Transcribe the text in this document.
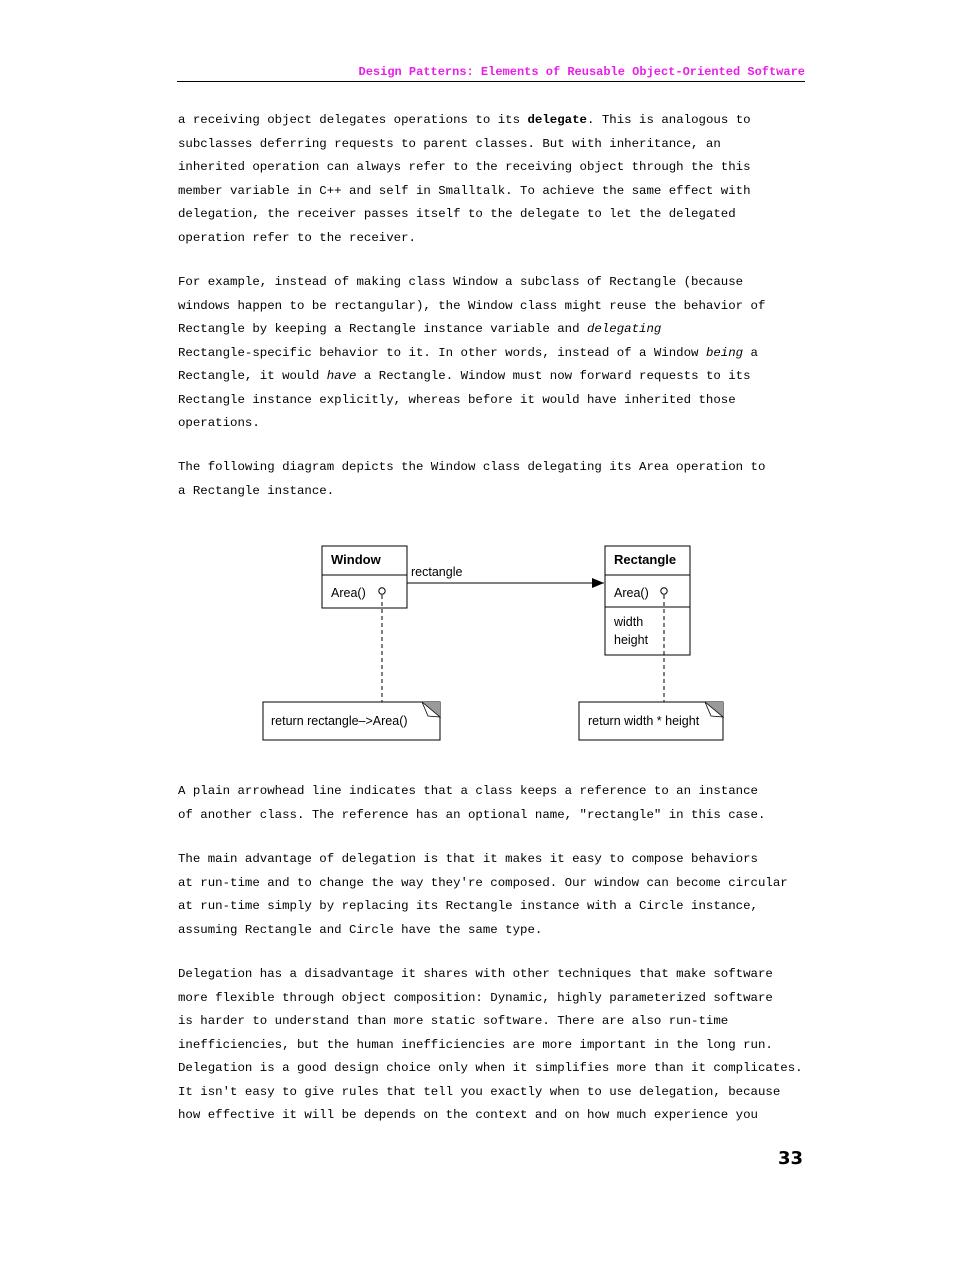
Design Patterns: Elements of Reusable Object-Oriented Software
a receiving object delegates operations to its delegate. This is analogous to
subclasses deferring requests to parent classes. But with inheritance, an
inherited operation can always refer to the receiving object through the this
member variable in C++ and self in Smalltalk. To achieve the same effect with
delegation, the receiver passes itself to the delegate to let the delegated
operation refer to the receiver.
For example, instead of making class Window a subclass of Rectangle (because
windows happen to be rectangular), the Window class might reuse the behavior of
Rectangle by keeping a Rectangle instance variable and delegating
Rectangle-specific behavior to it. In other words, instead of a Window being a
Rectangle, it would have a Rectangle. Window must now forward requests to its
Rectangle instance explicitly, whereas before it would have inherited those
operations.
The following diagram depicts the Window class delegating its Area operation to
a Rectangle instance.
Window
Area()
rectangle
Rectangle
Area()
width
height
return rectangle–>Area()	return width * height
A plain arrowhead line indicates that a class keeps a reference to an instance
of another class. The reference has an optional name, "rectangle" in this case.
The main advantage of delegation is that it makes it easy to compose behaviors
at run-time and to change the way they're composed. Our window can become circular
at run-time simply by replacing its Rectangle instance with a Circle instance,
assuming Rectangle and Circle have the same type.
Delegation has a disadvantage it shares with other techniques that make software
more flexible through object composition: Dynamic, highly parameterized software
is harder to understand than more static software. There are also run-time
inefficiencies, but the human inefficiencies are more important in the long run.
Delegation is a good design choice only when it simplifies more than it complicates.
It isn't easy to give rules that tell you exactly when to use delegation, because
how effective it will be depends on the context and on how much experience you
33
